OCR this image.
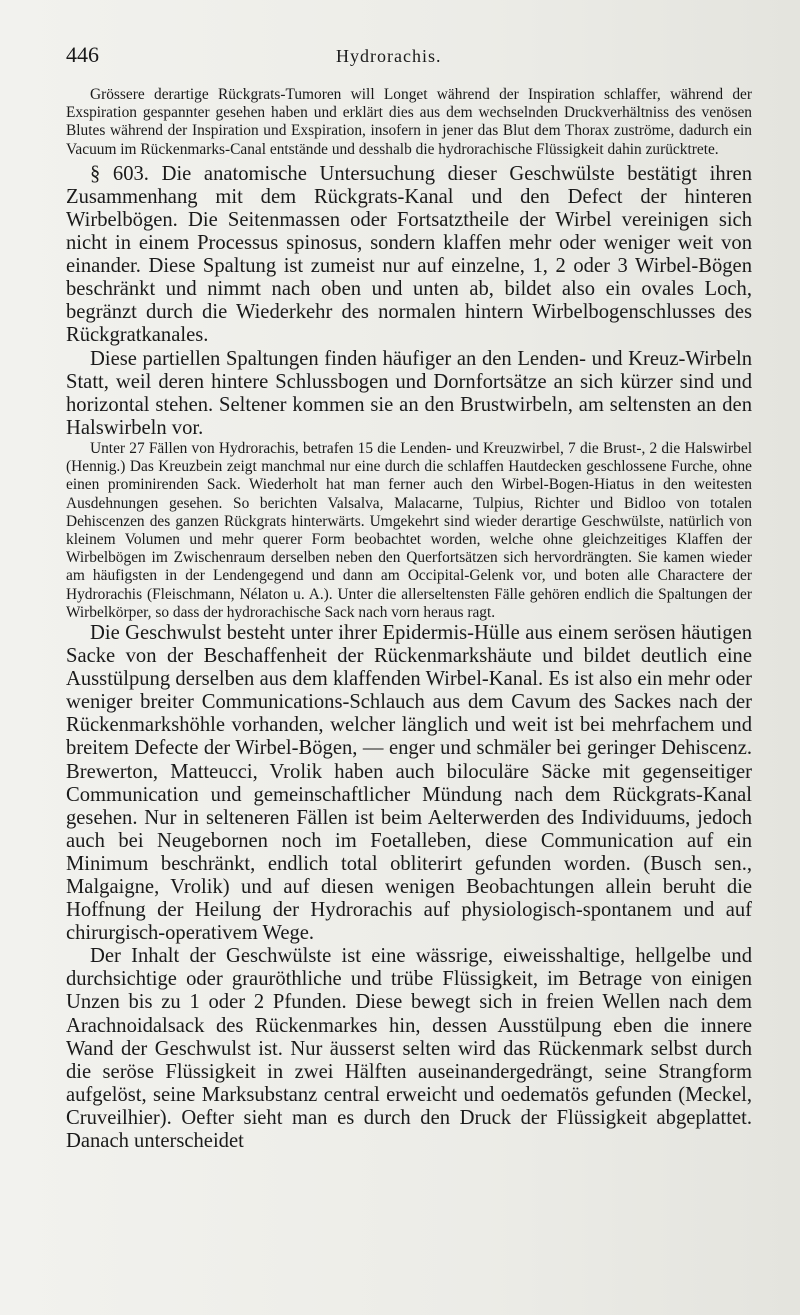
446	Hydrorachis.

Grössere derartige Rückgrats-Tumoren will Longet während der Inspiration schlaffer, während der Exspiration gespannter gesehen haben und erklärt dies aus dem wechselnden Druckverhältniss des venösen Blutes während der Inspiration und Exspiration, insofern in jener das Blut dem Thorax zuströme, dadurch ein Vacuum im Rückenmarks-Canal entstände und desshalb die hydrorachische Flüssigkeit dahin zurücktrete.

§ 603. Die anatomische Untersuchung dieser Geschwülste bestätigt ihren Zusammenhang mit dem Rückgrats-Kanal und den Defect der hinteren Wirbelbögen. Die Seitenmassen oder Fortsatztheile der Wirbel vereinigen sich nicht in einem Processus spinosus, sondern klaffen mehr oder weniger weit von einander. Diese Spaltung ist zumeist nur auf einzelne, 1, 2 oder 3 Wirbel-Bögen beschränkt und nimmt nach oben und unten ab, bildet also ein ovales Loch, begränzt durch die Wiederkehr des normalen hintern Wirbelbogenschlusses des Rückgratkanales.

Diese partiellen Spaltungen finden häufiger an den Lenden- und Kreuz-Wirbeln Statt, weil deren hintere Schlussbogen und Dornfortsätze an sich kürzer sind und horizontal stehen. Seltener kommen sie an den Brustwirbeln, am seltensten an den Halswirbeln vor.

Unter 27 Fällen von Hydrorachis, betrafen 15 die Lenden- und Kreuzwirbel, 7 die Brust-, 2 die Halswirbel (Hennig.) Das Kreuzbein zeigt manchmal nur eine durch die schlaffen Hautdecken geschlossene Furche, ohne einen prominirenden Sack. Wiederholt hat man ferner auch den Wirbel-Bogen-Hiatus in den weitesten Ausdehnungen gesehen. So berichten Valsalva, Malacarne, Tulpius, Richter und Bidloo von totalen Dehiscenzen des ganzen Rückgrats hinterwärts. Umgekehrt sind wieder derartige Geschwülste, natürlich von kleinem Volumen und mehr querer Form beobachtet worden, welche ohne gleichzeitiges Klaffen der Wirbelbögen im Zwischenraum derselben neben den Querfortsätzen sich hervordrängten. Sie kamen wieder am häufigsten in der Lendengegend und dann am Occipital-Gelenk vor, und boten alle Charactere der Hydrorachis (Fleischmann, Nélaton u. A.). Unter die allerseltensten Fälle gehören endlich die Spaltungen der Wirbelkörper, so dass der hydrorachische Sack nach vorn heraus ragt.

Die Geschwulst besteht unter ihrer Epidermis-Hülle aus einem serösen häutigen Sacke von der Beschaffenheit der Rückenmarkshäute und bildet deutlich eine Ausstülpung derselben aus dem klaffenden Wirbel-Kanal. Es ist also ein mehr oder weniger breiter Communications-Schlauch aus dem Cavum des Sackes nach der Rückenmarkshöhle vorhanden, welcher länglich und weit ist bei mehrfachem und breitem Defecte der Wirbel-Bögen, — enger und schmäler bei geringer Dehiscenz. Brewerton, Matteucci, Vrolik haben auch biloculäre Säcke mit gegenseitiger Communication und gemeinschaftlicher Mündung nach dem Rückgrats-Kanal gesehen. Nur in selteneren Fällen ist beim Aelterwerden des Individuums, jedoch auch bei Neugebornen noch im Foetalleben, diese Communication auf ein Minimum beschränkt, endlich total obliterirt gefunden worden. (Busch sen., Malgaigne, Vrolik) und auf diesen wenigen Beobachtungen allein beruht die Hoffnung der Heilung der Hydrorachis auf physiologisch-spontanem und auf chirurgisch-operativem Wege.

Der Inhalt der Geschwülste ist eine wässrige, eiweisshaltige, hellgelbe und durchsichtige oder grauröthliche und trübe Flüssigkeit, im Betrage von einigen Unzen bis zu 1 oder 2 Pfunden. Diese bewegt sich in freien Wellen nach dem Arachnoidalsack des Rückenmarkes hin, dessen Ausstülpung eben die innere Wand der Geschwulst ist. Nur äusserst selten wird das Rückenmark selbst durch die seröse Flüssigkeit in zwei Hälften auseinandergedrängt, seine Strangform aufgelöst, seine Marksubstanz central erweicht und oedematös gefunden (Meckel, Cruveilhier). Oefter sieht man es durch den Druck der Flüssigkeit abgeplattet. Danach unterscheidet
